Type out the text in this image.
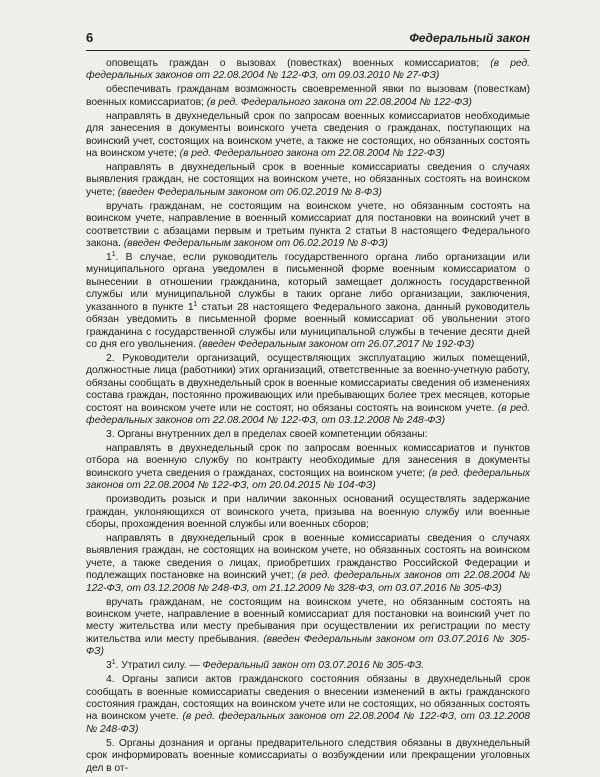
6	Федеральный закон

оповещать граждан о вызовах (повестках) военных комиссариатов; (в ред. федеральных законов от 22.08.2004 № 122-ФЗ, от 09.03.2010 № 27-ФЗ)

обеспечивать гражданам возможность своевременной явки по вызовам (повесткам) военных комиссариатов; (в ред. Федерального закона от 22.08.2004 № 122-ФЗ)

направлять в двухнедельный срок по запросам военных комиссариатов необходимые для занесения в документы воинского учета сведения о гражданах, поступающих на воинский учет, состоящих на воинском учете, а также не состоящих, но обязанных состоять на воинском учете; (в ред. Федерального закона от 22.08.2004 № 122-ФЗ)

направлять в двухнедельный срок в военные комиссариаты сведения о случаях выявления граждан, не состоящих на воинском учете, но обязанных состоять на воинском учете; (введен Федеральным законом от 06.02.2019 № 8-ФЗ)

вручать гражданам, не состоящим на воинском учете, но обязанным состоять на воинском учете, направление в военный комиссариат для постановки на воинский учет в соответствии с абзацами первым и третьим пункта 2 статьи 8 настоящего Федерального закона. (введен Федеральным законом от 06.02.2019 № 8-ФЗ)

$1^1$. В случае, если руководитель государственного органа либо организации или муниципального органа уведомлен в письменной форме военным комиссариатом о вынесении в отношении гражданина, который замещает должность государственной службы или муниципальной службы в таких органе либо организации, заключения, указанного в пункте $1^1$ статьи 28 настоящего Федерального закона, данный руководитель обязан уведомить в письменной форме военный комиссариат об увольнении этого гражданина с государственной службы или муниципальной службы в течение десяти дней со дня его увольнения. (введен Федеральным законом от 26.07.2017 № 192-ФЗ)

2. Руководители организаций, осуществляющих эксплуатацию жилых помещений, должностные лица (работники) этих организаций, ответственные за военно-учетную работу, обязаны сообщать в двухнедельный срок в военные комиссариаты сведения об изменениях состава граждан, постоянно проживающих или пребывающих более трех месяцев, которые состоят на воинском учете или не состоят, но обязаны состоять на воинском учете. (в ред. федеральных законов от 22.08.2004 № 122-ФЗ, от 03.12.2008 № 248-ФЗ)

3. Органы внутренних дел в пределах своей компетенции обязаны:

направлять в двухнедельный срок по запросам военных комиссариатов и пунктов отбора на военную службу по контракту необходимые для занесения в документы воинского учета сведения о гражданах, состоящих на воинском учете; (в ред. федеральных законов от 22.08.2004 № 122-ФЗ, от 20.04.2015 № 104-ФЗ)

производить розыск и при наличии законных оснований осуществлять задержание граждан, уклоняющихся от воинского учета, призыва на военную службу или военные сборы, прохождения военной службы или военных сборов;

направлять в двухнедельный срок в военные комиссариаты сведения о случаях выявления граждан, не состоящих на воинском учете, но обязанных состоять на воинском учете, а также сведения о лицах, приобретших гражданство Российской Федерации и подлежащих постановке на воинский учет; (в ред. федеральных законов от 22.08.2004 № 122-ФЗ, от 03.12.2008 № 248-ФЗ, от 21.12.2009 № 328-ФЗ, от 03.07.2016 № 305-ФЗ)

вручать гражданам, не состоящим на воинском учете, но обязанным состоять на воинском учете, направление в военный комиссариат для постановки на воинский учет по месту жительства или месту пребывания при осуществлении их регистрации по месту жительства или месту пребывания. (введен Федеральным законом от 03.07.2016 № 305-ФЗ)

$3^1$. Утратил силу. — Федеральный закон от 03.07.2016 № 305-ФЗ.

4. Органы записи актов гражданского состояния обязаны в двухнедельный срок сообщать в военные комиссариаты сведения о внесении изменений в акты гражданского состояния граждан, состоящих на воинском учете или не состоящих, но обязанных состоять на воинском учете. (в ред. федеральных законов от 22.08.2004 № 122-ФЗ, от 03.12.2008 № 248-ФЗ)

5. Органы дознания и органы предварительного следствия обязаны в двухнедельный срок информировать военные комиссариаты о возбуждении или прекращении уголовных дел в от-
